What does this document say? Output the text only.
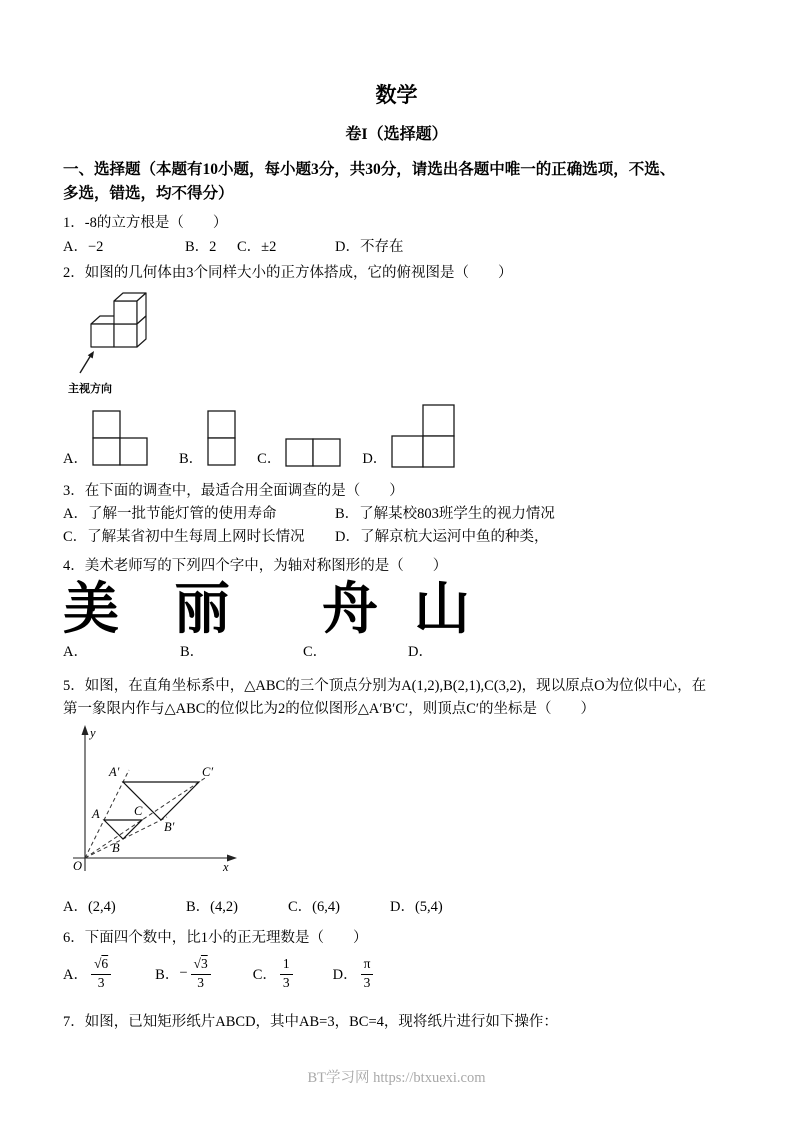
数学
卷I（选择题）
一、选择题（本题有10小题，每小题3分，共30分，请选出各题中唯一的正确选项，不选、
多选，错选，均不得分）
1．-8的立方根是（　　）
A．−2	B．2	C．±2	D．不存在
2．如图的几何体由3个同样大小的正方体搭成，它的俯视图是（　　）
主视方向
A．	B．	C．	D．
3．在下面的调查中，最适合用全面调查的是（　　）
A．了解一批节能灯管的使用寿命	B．了解某校803班学生的视力情况
C．了解某省初中生每周上网时长情况	D．了解京杭大运河中鱼的种类，
4．美术老师写的下列四个字中，为轴对称图形的是（　　）
美 丽 舟 山
A．	B．	C．	D．
5．如图，在直角坐标系中，△ABC的三个顶点分别为A(1,2),B(2,1),C(3,2)，现以原点O为位似中心，在
第一象限内作与△ABC的位似比为2的位似图形△A′B′C′，则顶点C′的坐标是（　　）
y
x
O
A′	C′
A	C
B′
B
A．(2,4)	B．(4,2)	C．(6,4)	D．(5,4)
6．下面四个数中，比1小的正无理数是（　　）
A． $\frac{√6}{3}$	B． − $\frac{√3}{3}$	C． $\frac{1}{3}$	D． $\frac{\pi}{3}$
7．如图，已知矩形纸片ABCD，其中AB=3，BC=4，现将纸片进行如下操作：
BT学习网 https://btxuexi.com
